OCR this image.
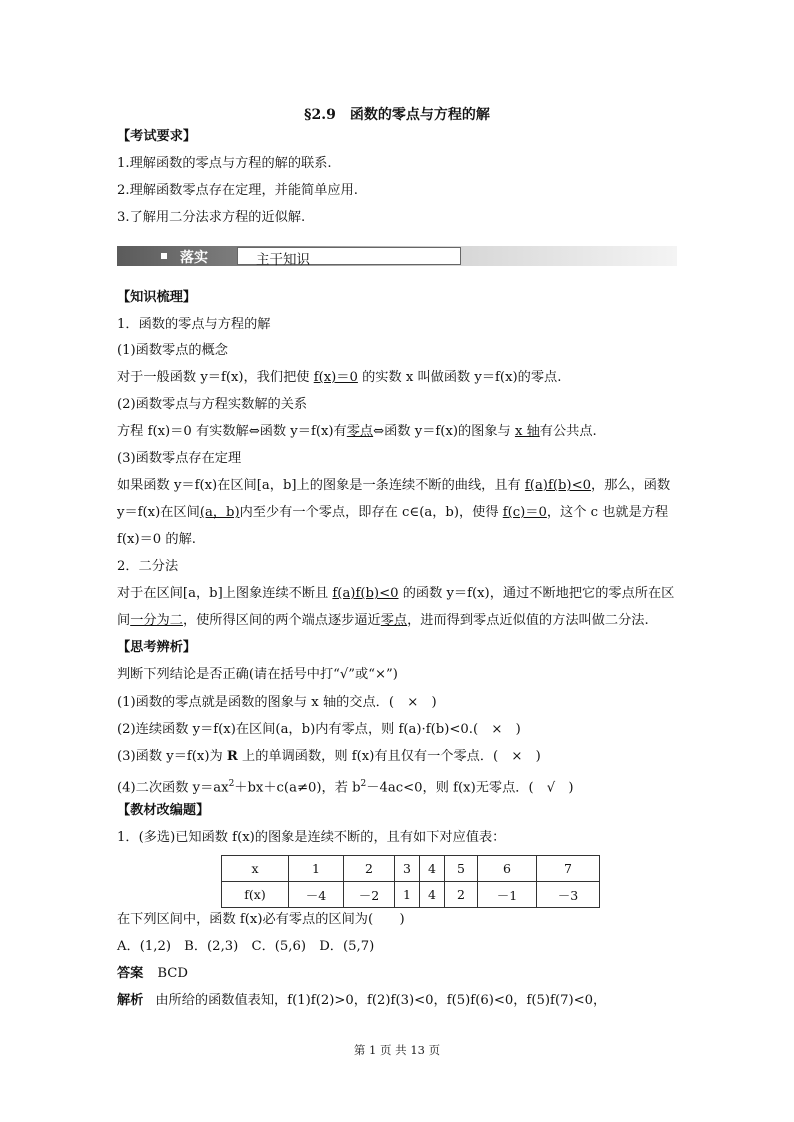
§2.9　函数的零点与方程的解
【考试要求】
1.理解函数的零点与方程的解的联系.
2.理解函数零点存在定理，并能简单应用.
3.了解用二分法求方程的近似解.
落实	主干知识
【知识梳理】
1．函数的零点与方程的解
(1)函数零点的概念
对于一般函数 y＝f(x)，我们把使 f(x)＝0 的实数 x 叫做函数 y＝f(x)的零点.
(2)函数零点与方程实数解的关系
方程 f(x)＝0 有实数解⇔函数 y＝f(x)有零点⇔函数 y＝f(x)的图象与 x 轴有公共点.
(3)函数零点存在定理
如果函数 y＝f(x)在区间[a，b]上的图象是一条连续不断的曲线，且有 f(a)f(b)<0，那么，函数
y＝f(x)在区间(a，b)内至少有一个零点，即存在 c∈(a，b)，使得 f(c)＝0，这个 c 也就是方程
f(x)＝0 的解.
2．二分法
对于在区间[a，b]上图象连续不断且 f(a)f(b)<0 的函数 y＝f(x)，通过不断地把它的零点所在区
间一分为二，使所得区间的两个端点逐步逼近零点，进而得到零点近似值的方法叫做二分法.
【思考辨析】
判断下列结论是否正确(请在括号中打“√”或“×”)
(1)函数的零点就是函数的图象与 x 轴的交点．(　×　)
(2)连续函数 y＝f(x)在区间(a，b)内有零点，则 f(a)·f(b)<0.(　×　)
(3)函数 y＝f(x)为 R 上的单调函数，则 f(x)有且仅有一个零点．(　×　)
(4)二次函数 $y=ax^2+bx+c(a\ne 0)$，若 $b^2-4ac<0$，则 f(x)无零点．(　√　)
【教材改编题】
1．(多选)已知函数 f(x)的图象是连续不断的，且有如下对应值表：
x	1	2	3	4	5	6	7
f(x)	－4	－2	1	4	2	－1	－3
在下列区间中，函数 f(x)必有零点的区间为(　　)
A．(1,2)　B．(2,3)　C．(5,6)　D．(5,7)
答案 BCD
解析 由所给的函数值表知，f(1)f(2)>0，f(2)f(3)<0，f(5)f(6)<0，f(5)f(7)<0，
第 1 页 共 13 页
